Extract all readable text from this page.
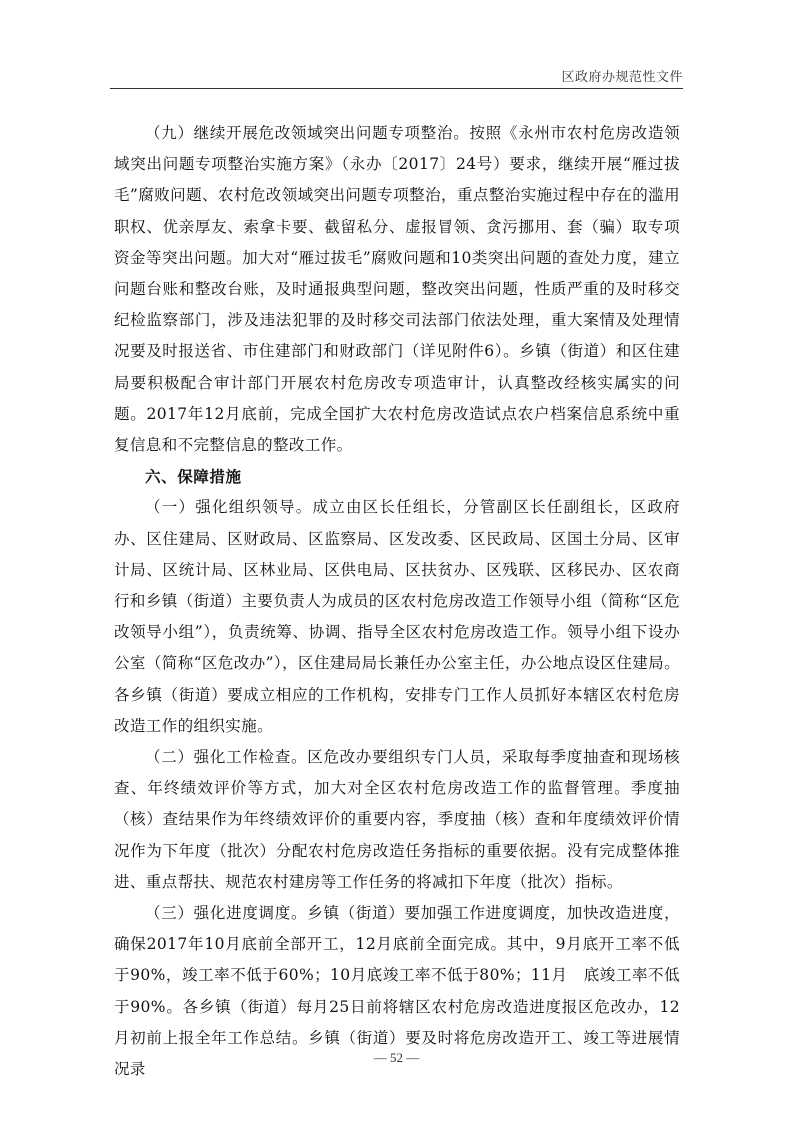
区政府办规范性文件

（九）继续开展危改领域突出问题专项整治。按照《永州市农村危房改造领域突出问题专项整治实施方案》（永办〔2017〕24号）要求，继续开展“雁过拔毛”腐败问题、农村危改领域突出问题专项整治，重点整治实施过程中存在的滥用职权、优亲厚友、索拿卡要、截留私分、虚报冒领、贪污挪用、套（骗）取专项资金等突出问题。加大对“雁过拔毛”腐败问题和10类突出问题的查处力度，建立问题台账和整改台账，及时通报典型问题，整改突出问题，性质严重的及时移交纪检监察部门，涉及违法犯罪的及时移交司法部门依法处理，重大案情及处理情况要及时报送省、市住建部门和财政部门（详见附件6）。乡镇（街道）和区住建局要积极配合审计部门开展农村危房改专项造审计，认真整改经核实属实的问题。2017年12月底前，完成全国扩大农村危房改造试点农户档案信息系统中重复信息和不完整信息的整改工作。

六、保障措施

（一）强化组织领导。成立由区长任组长，分管副区长任副组长，区政府办、区住建局、区财政局、区监察局、区发改委、区民政局、区国土分局、区审计局、区统计局、区林业局、区供电局、区扶贫办、区残联、区移民办、区农商行和乡镇（街道）主要负责人为成员的区农村危房改造工作领导小组（简称“区危改领导小组”），负责统筹、协调、指导全区农村危房改造工作。领导小组下设办公室（简称“区危改办”），区住建局局长兼任办公室主任，办公地点设区住建局。各乡镇（街道）要成立相应的工作机构，安排专门工作人员抓好本辖区农村危房改造工作的组织实施。

（二）强化工作检查。区危改办要组织专门人员，采取每季度抽查和现场核查、年终绩效评价等方式，加大对全区农村危房改造工作的监督管理。季度抽（核）查结果作为年终绩效评价的重要内容，季度抽（核）查和年度绩效评价情况作为下年度（批次）分配农村危房改造任务指标的重要依据。没有完成整体推进、重点帮扶、规范农村建房等工作任务的将减扣下年度（批次）指标。

（三）强化进度调度。乡镇（街道）要加强工作进度调度，加快改造进度，确保2017年10月底前全部开工，12月底前全面完成。其中，9月底开工率不低于90%，竣工率不低于60%；10月底竣工率不低于80%；11月　底竣工率不低于90%。各乡镇（街道）每月25日前将辖区农村危房改造进度报区危改办，12月初前上报全年工作总结。乡镇（街道）要及时将危房改造开工、竣工等进展情况录

— 52 —
